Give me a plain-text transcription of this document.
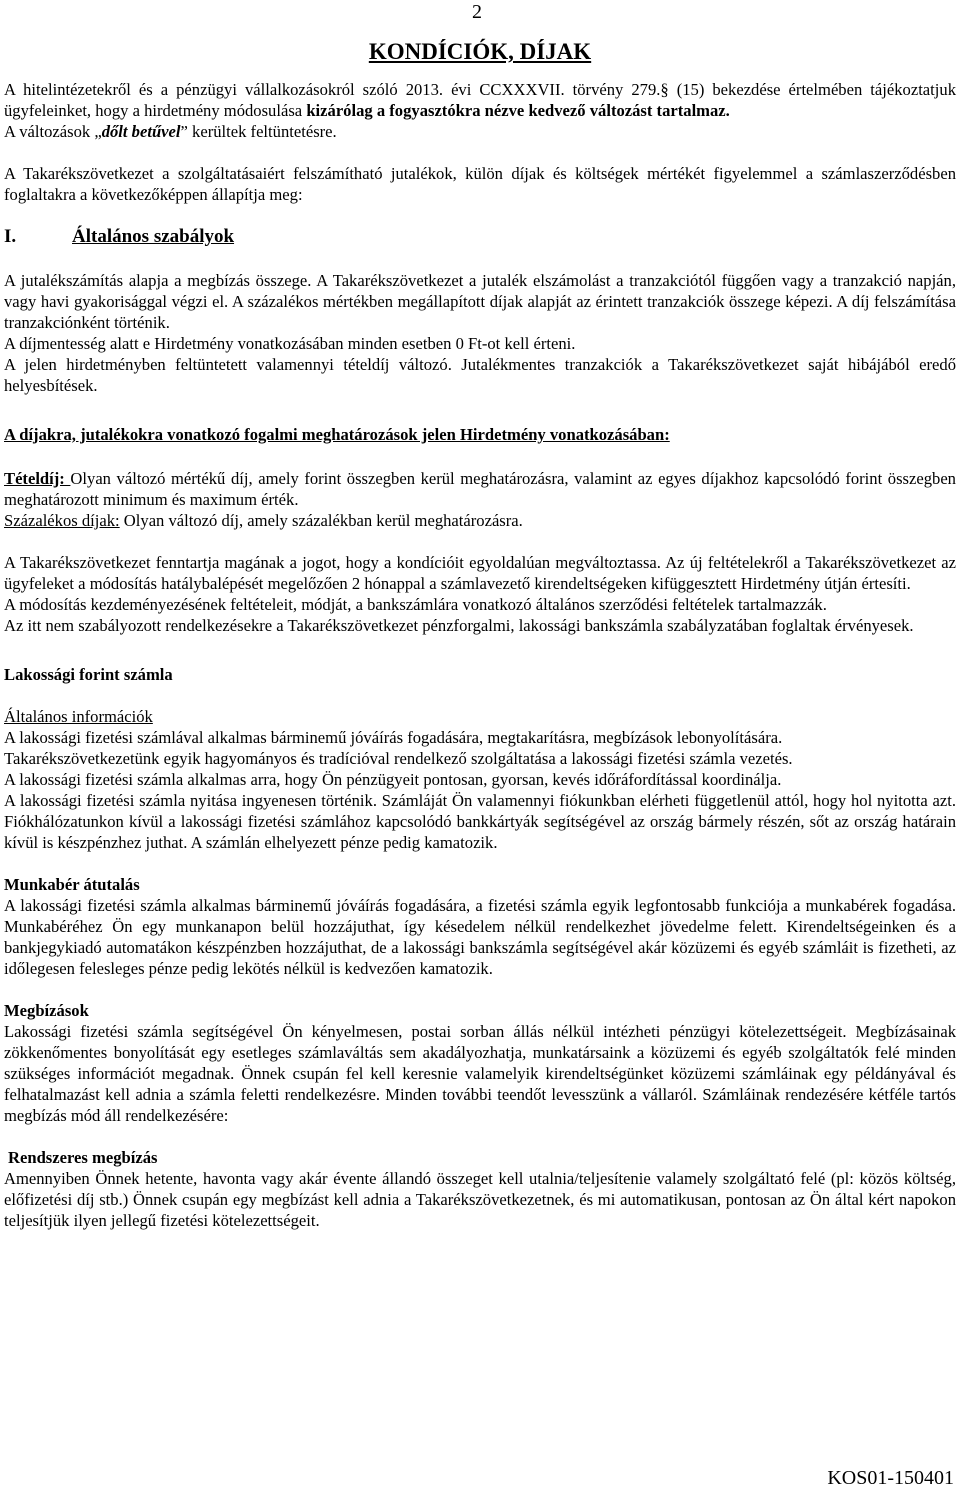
2
KONDÍCIÓK, DÍJAK

A hitelintézetekről és a pénzügyi vállalkozásokról szóló 2013. évi CCXXXVII. törvény 279.§ (15) bekezdése értelmében tájékoztatjuk ügyfeleinket, hogy a hirdetmény módosulása kizárólag a fogyasztókra nézve kedvező változást tartalmaz.

A változások „dőlt betűvel” kerültek feltüntetésre.

A Takarékszövetkezet a szolgáltatásaiért felszámítható jutalékok, külön díjak és költségek mértékét figyelemmel a számlaszerződésben foglaltakra a következőképpen állapítja meg:

I.	Általános szabályok

A jutalékszámítás alapja a megbízás összege. A Takarékszövetkezet a jutalék elszámolást a tranzakciótól függően vagy a tranzakció napján, vagy havi gyakorisággal végzi el. A százalékos mértékben megállapított díjak alapját az érintett tranzakciók összege képezi. A díj felszámítása tranzakciónként történik.

A díjmentesség alatt e Hirdetmény vonatkozásában minden esetben 0 Ft-ot kell érteni.

A jelen hirdetményben feltüntetett valamennyi tételdíj változó. Jutalékmentes tranzakciók a Takarékszövetkezet saját hibájából eredő helyesbítések.

A díjakra, jutalékokra vonatkozó fogalmi meghatározások jelen Hirdetmény vonatkozásában:

Tételdíj: Olyan változó mértékű díj, amely forint összegben kerül meghatározásra, valamint az egyes díjakhoz kapcsolódó forint összegben meghatározott minimum és maximum érték.

Százalékos díjak: Olyan változó díj, amely százalékban kerül meghatározásra.

A Takarékszövetkezet fenntartja magának a jogot, hogy a kondícióit egyoldalúan megváltoztassa. Az új feltételekről a Takarékszövetkezet az ügyfeleket a módosítás hatálybalépését megelőzően 2 hónappal a számlavezető kirendeltségeken kifüggesztett Hirdetmény útján értesíti.

A módosítás kezdeményezésének feltételeit, módját, a bankszámlára vonatkozó általános szerződési feltételek tartalmazzák.

Az itt nem szabályozott rendelkezésekre a Takarékszövetkezet pénzforgalmi, lakossági bankszámla szabályzatában foglaltak érvényesek.

Lakossági forint számla

Általános információk

A lakossági fizetési számlával alkalmas bárminemű jóváírás fogadására, megtakarításra, megbízások lebonyolítására.

Takarékszövetkezetünk egyik hagyományos és tradícióval rendelkező szolgáltatása a lakossági fizetési számla vezetés.

A lakossági fizetési számla alkalmas arra, hogy Ön pénzügyeit pontosan, gyorsan, kevés időráfordítással koordinálja.

A lakossági fizetési számla nyitása ingyenesen történik. Számláját Ön valamennyi fiókunkban elérheti függetlenül attól, hogy hol nyitotta azt. Fiókhálózatunkon kívül a lakossági fizetési számlához kapcsolódó bankkártyák segítségével az ország bármely részén, sőt az ország határain kívül is készpénzhez juthat. A számlán elhelyezett pénze pedig kamatozik.

Munkabér átutalás

A lakossági fizetési számla alkalmas bárminemű jóváírás fogadására, a fizetési számla egyik legfontosabb funkciója a munkabérek fogadása. Munkabéréhez Ön egy munkanapon belül hozzájuthat, így késedelem nélkül rendelkezhet jövedelme felett. Kirendeltségeinken és a bankjegykiadó automatákon készpénzben hozzájuthat, de a lakossági bankszámla segítségével akár közüzemi és egyéb számláit is fizetheti, az időlegesen felesleges pénze pedig lekötés nélkül is kedvezően kamatozik.

Megbízások

Lakossági fizetési számla segítségével Ön kényelmesen, postai sorban állás nélkül intézheti pénzügyi kötelezettségeit. Megbízásainak zökkenőmentes bonyolítását egy esetleges számlaváltás sem akadályozhatja, munkatársaink a közüzemi és egyéb szolgáltatók felé minden szükséges információt megadnak. Önnek csupán fel kell keresnie valamelyik kirendeltségünket közüzemi számláinak egy példányával és felhatalmazást kell adnia a számla feletti rendelkezésre. Minden további teendőt levesszünk a vállaról. Számláinak rendezésére kétféle tartós megbízás mód áll rendelkezésére:

Rendszeres megbízás

Amennyiben Önnek hetente, havonta vagy akár évente állandó összeget kell utalnia/teljesítenie valamely szolgáltató felé (pl: közös költség, előfizetési díj stb.) Önnek csupán egy megbízást kell adnia a Takarékszövetkezetnek, és mi automatikusan, pontosan az Ön által kért napokon teljesítjük ilyen jellegű fizetési kötelezettségeit.

KOS01-150401
